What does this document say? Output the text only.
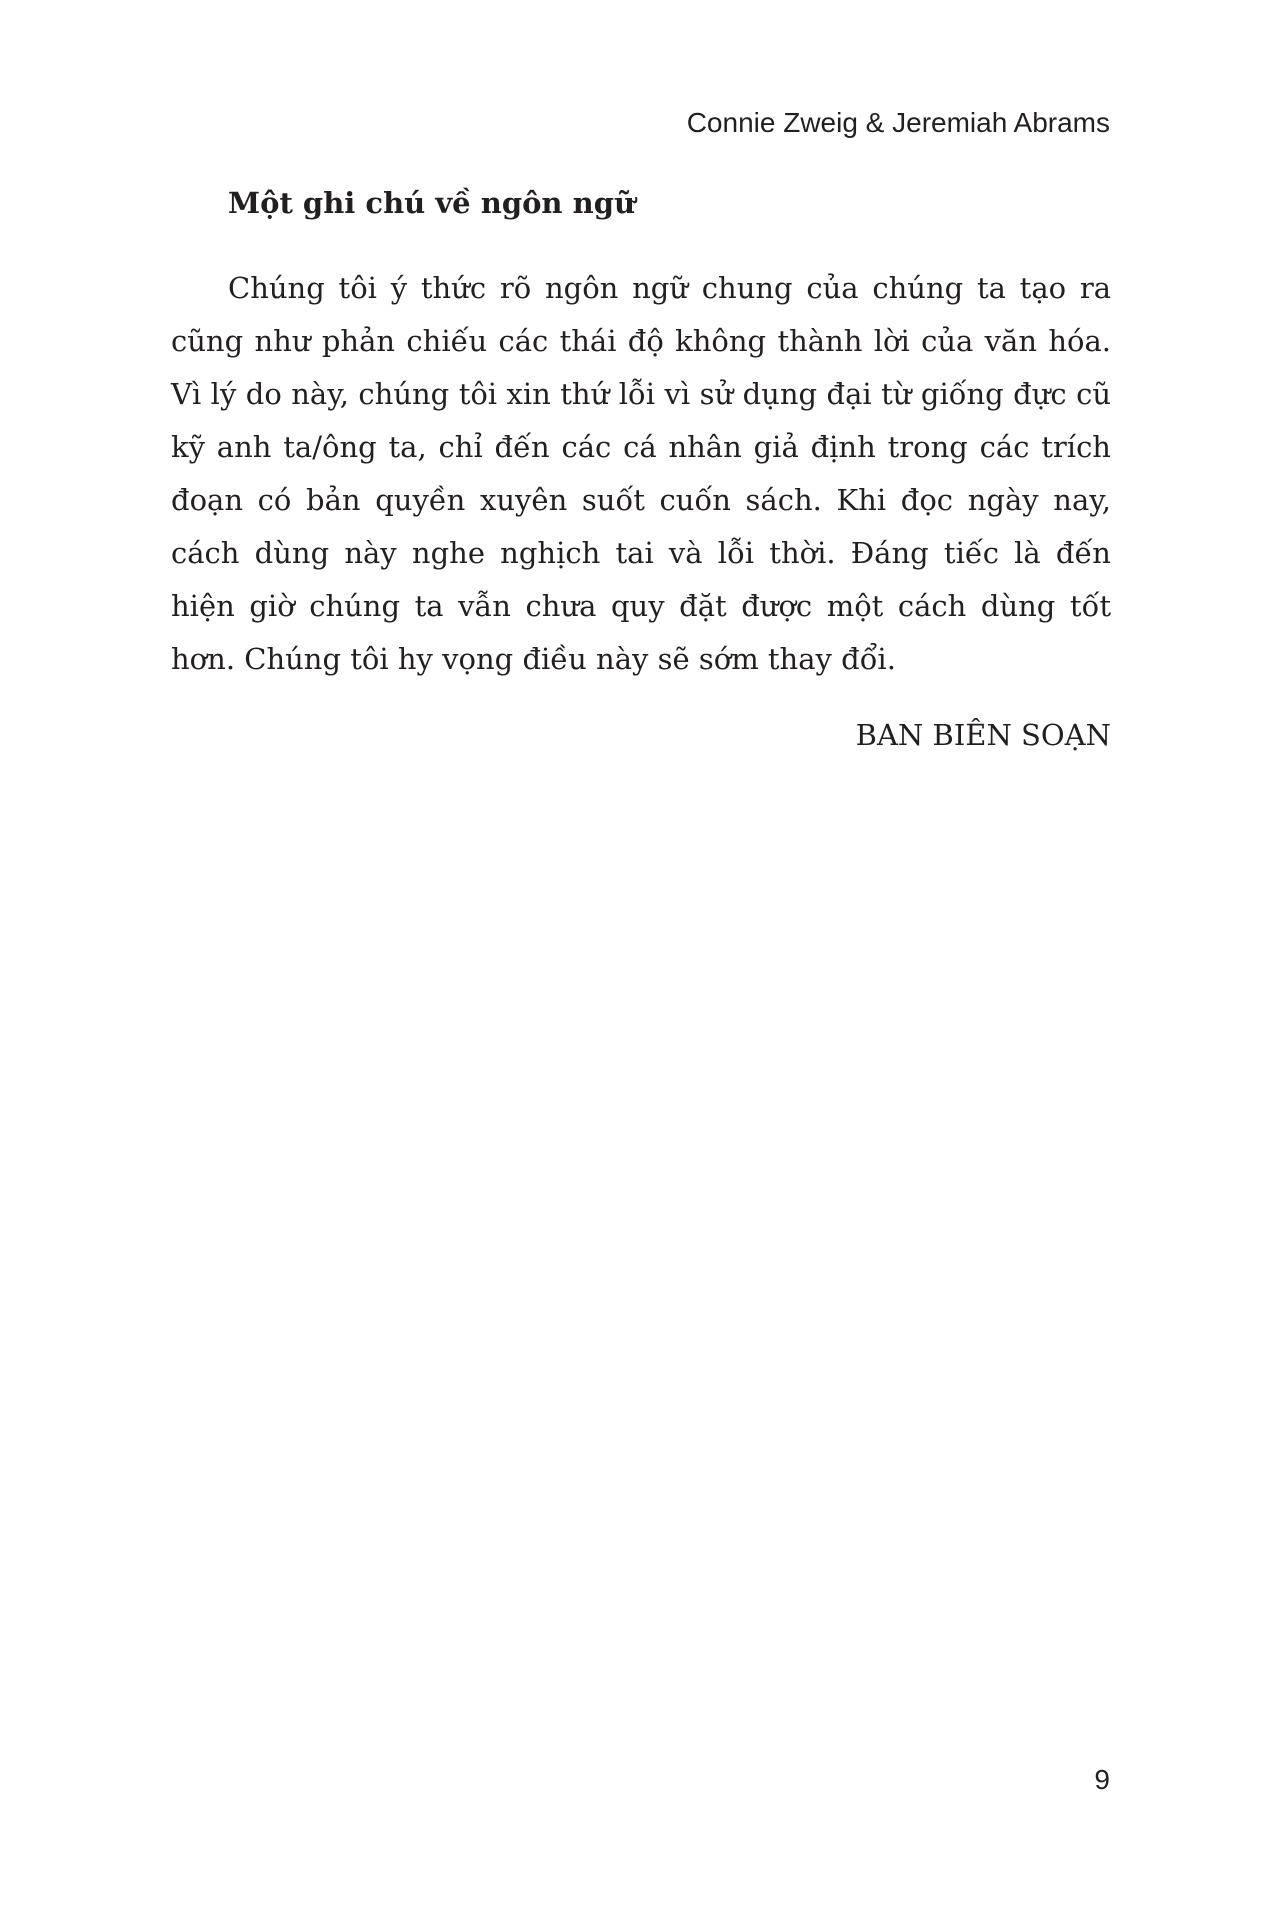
Connie Zweig & Jeremiah Abrams
Một ghi chú về ngôn ngữ

Chúng tôi ý thức rõ ngôn ngữ chung của chúng ta tạo ra cũng như phản chiếu các thái độ không thành lời của văn hóa. Vì lý do này, chúng tôi xin thứ lỗi vì sử dụng đại từ giống đực cũ kỹ anh ta/ông ta, chỉ đến các cá nhân giả định trong các trích đoạn có bản quyền xuyên suốt cuốn sách. Khi đọc ngày nay, cách dùng này nghe nghịch tai và lỗi thời. Đáng tiếc là đến hiện giờ chúng ta vẫn chưa quy đặt được một cách dùng tốt hơn. Chúng tôi hy vọng điều này sẽ sớm thay đổi.

BAN BIÊN SOẠN

9
